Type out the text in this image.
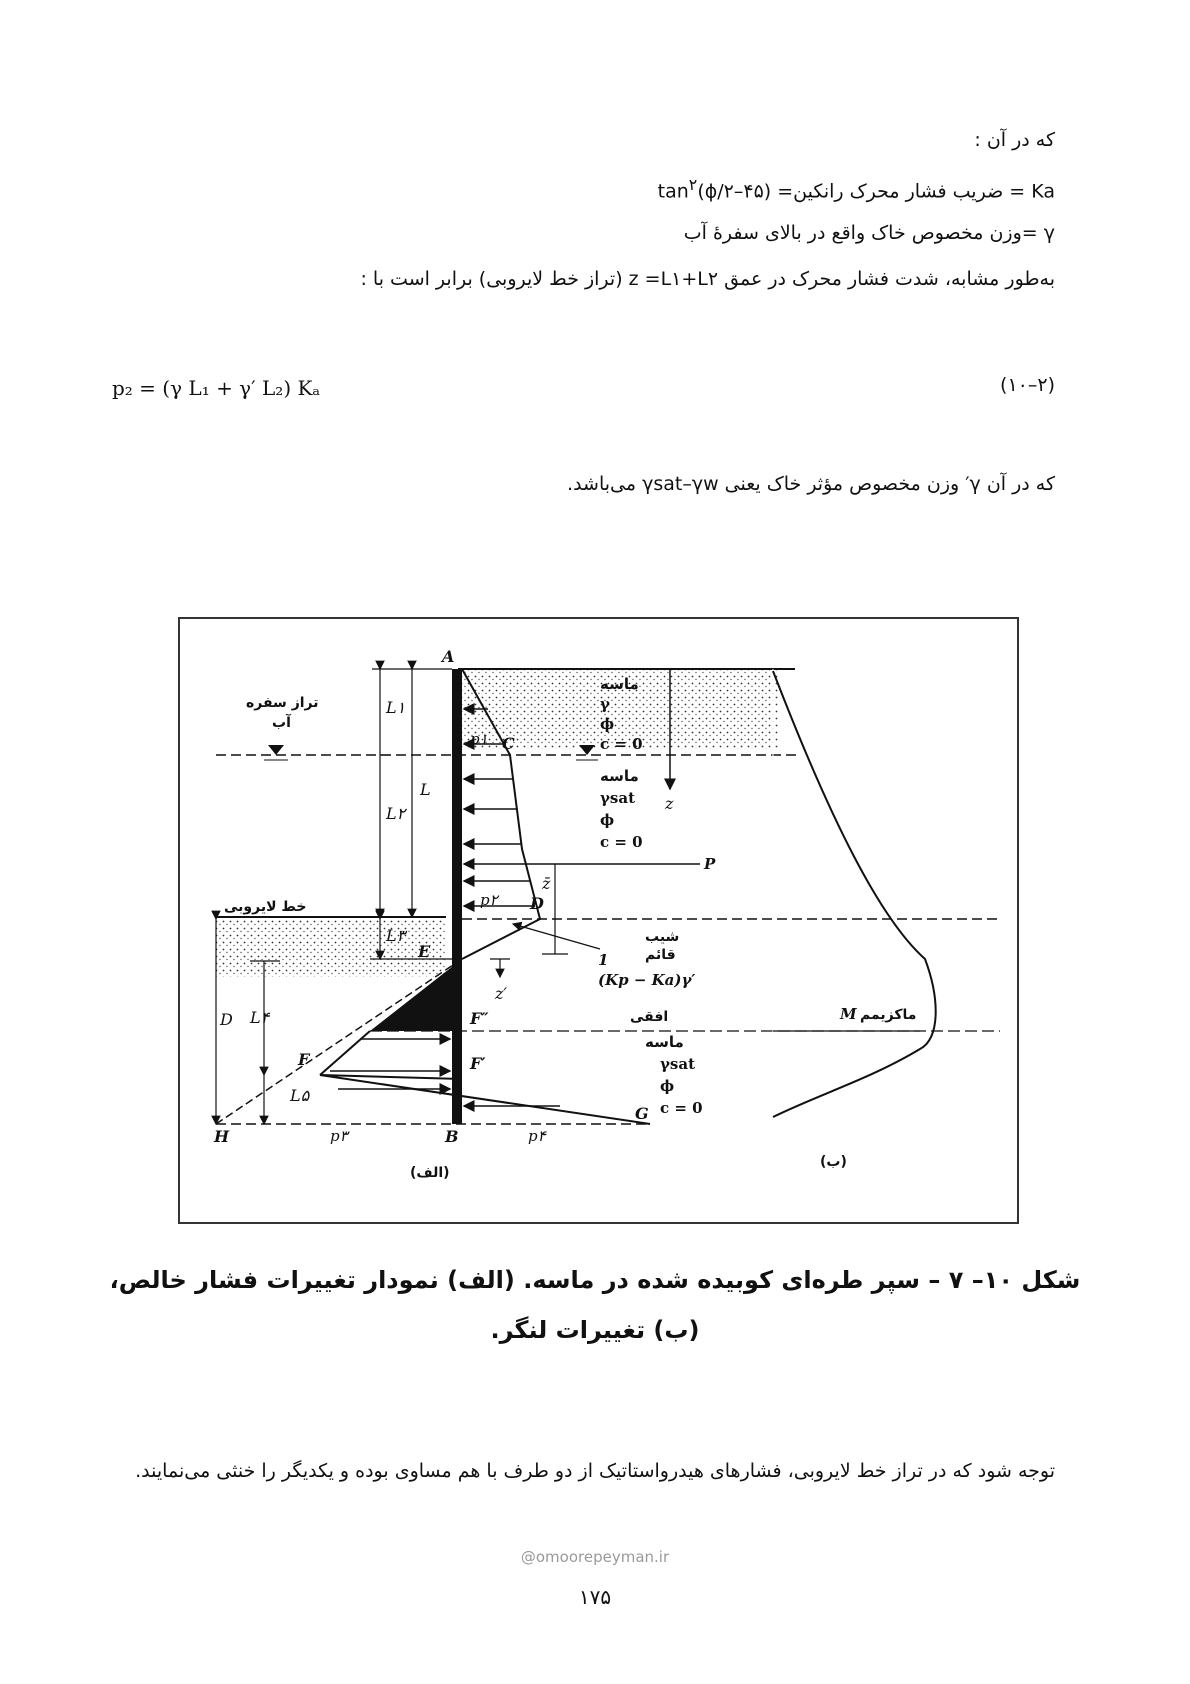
که در آن :
Ka = ضریب فشار محرک رانکین= $(۴۵-\phi/۲)\tan^۲$
γ =وزن مخصوص خاک واقع در بالای سفرهٔ آب
به‌طور مشابه، شدت فشار محرک در عمق z =L۱+L۲ (تراز خط لایروبی) برابر است با :
p₂ = (γ L₁ + γ′ L₂) Kₐ	(۲–۱۰)
که در آن γ′ وزن مخصوص مؤثر خاک یعنی γsat–γw می‌باشد.
A
C
D
E
F″
F′
F
G
H	B
L۱
L۲
L
L۳
D L۴
L۵
z
z̄
z′
p۱
p۲
p۳	p۴
P
ماسه
γ
ϕ
c = 0
ماسه
γsat
ϕ
c = 0
ماسه
γsat
ϕ
c = 0
تراز سفره
آب
خط لایروبی
شیب
قائم
افقی	ماکزیمم
(الف)
(ب)
1
(Kp − Ka)γ′
M
شکل ۱۰– ۷ – سپر طره‌ای کوبیده شده در ماسه. (الف) نمودار تغییرات فشار خالص،
(ب) تغییرات لنگر.
توجه شود که در تراز خط لایروبی، فشارهای هیدرواستاتیک از دو طرف با هم مساوی بوده و یکدیگر را خنثی می‌نمایند.
@omoorepeyman.ir
۱۷۵
